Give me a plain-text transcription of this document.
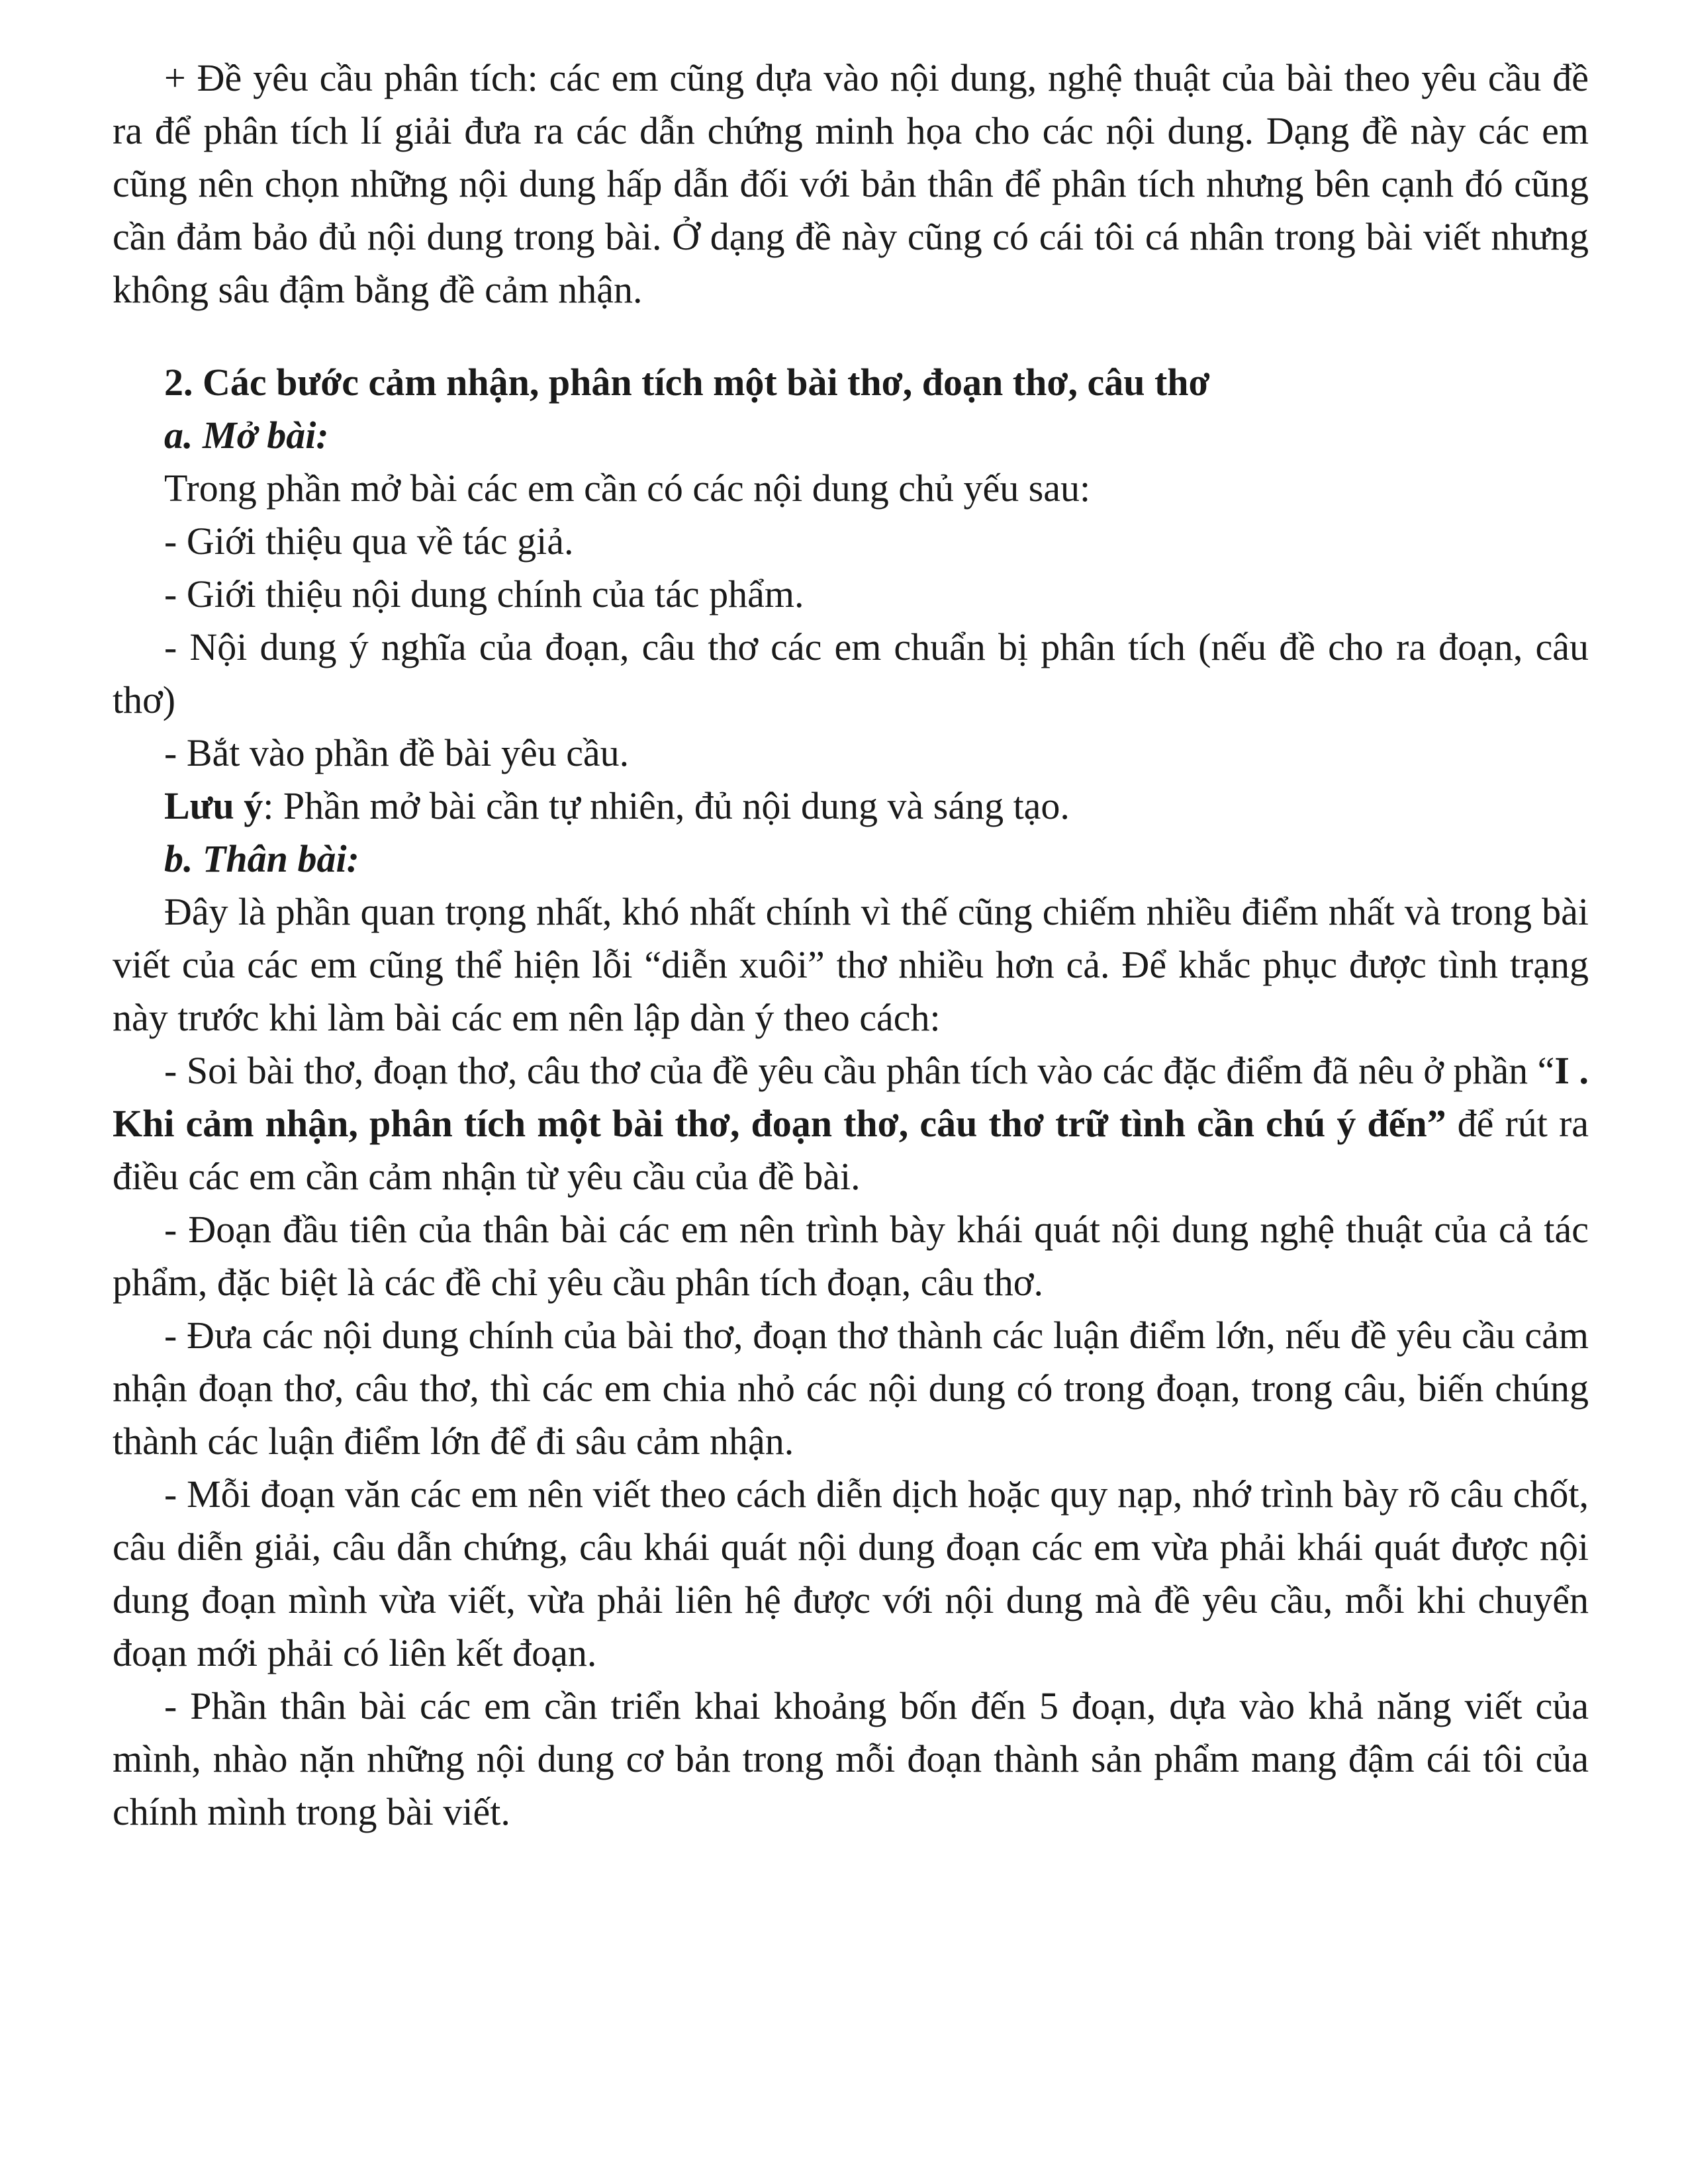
+ Đề yêu cầu phân tích: các em cũng dựa vào nội dung, nghệ thuật của bài theo yêu cầu đề ra để phân tích lí giải đưa ra các dẫn chứng minh họa cho các nội dung. Dạng đề này các em cũng nên chọn những nội dung hấp dẫn đối với bản thân để phân tích nhưng bên cạnh đó cũng cần đảm bảo đủ nội dung trong bài. Ở dạng đề này cũng có cái tôi cá nhân trong bài viết nhưng không sâu đậm bằng đề cảm nhận.

2. Các bước cảm nhận, phân tích một bài thơ, đoạn thơ, câu thơ

a. Mở bài:

Trong phần mở bài các em cần có các nội dung chủ yếu sau:

- Giới thiệu qua về tác giả.

- Giới thiệu nội dung chính của tác phẩm.

- Nội dung ý nghĩa của đoạn, câu thơ các em chuẩn bị phân tích (nếu đề cho ra đoạn, câu thơ)

- Bắt vào phần đề bài yêu cầu.

Lưu ý: Phần mở bài cần tự nhiên, đủ nội dung và sáng tạo.

b. Thân bài:

Đây là phần quan trọng nhất, khó nhất chính vì thế cũng chiếm nhiều điểm nhất và trong bài viết của các em cũng thể hiện lỗi “diễn xuôi” thơ nhiều hơn cả. Để khắc phục được tình trạng này trước khi làm bài các em nên lập dàn ý theo cách:

- Soi bài thơ, đoạn thơ, câu thơ của đề yêu cầu phân tích vào các đặc điểm đã nêu ở phần “I . Khi cảm nhận, phân tích một bài thơ, đoạn thơ, câu thơ trữ tình cần chú ý đến” để rút ra điều các em cần cảm nhận từ yêu cầu của đề bài.

- Đoạn đầu tiên của thân bài các em nên trình bày khái quát nội dung nghệ thuật của cả tác phẩm, đặc biệt là các đề chỉ yêu cầu phân tích đoạn, câu thơ.

- Đưa các nội dung chính của bài thơ, đoạn thơ thành các luận điểm lớn, nếu đề yêu cầu cảm nhận đoạn thơ, câu thơ, thì các em chia nhỏ các nội dung có trong đoạn, trong câu, biến chúng thành các luận điểm lớn để đi sâu cảm nhận.

- Mỗi đoạn văn các em nên viết theo cách diễn dịch hoặc quy nạp, nhớ trình bày rõ câu chốt, câu diễn giải, câu dẫn chứng, câu khái quát nội dung đoạn các em vừa phải khái quát được nội dung đoạn mình vừa viết, vừa phải liên hệ được với nội dung mà đề yêu cầu, mỗi khi chuyển đoạn mới phải có liên kết đoạn.

- Phần thân bài các em cần triển khai khoảng bốn đến 5 đoạn, dựa vào khả năng viết của mình, nhào nặn những nội dung cơ bản trong mỗi đoạn thành sản phẩm mang đậm cái tôi của chính mình trong bài viết.
